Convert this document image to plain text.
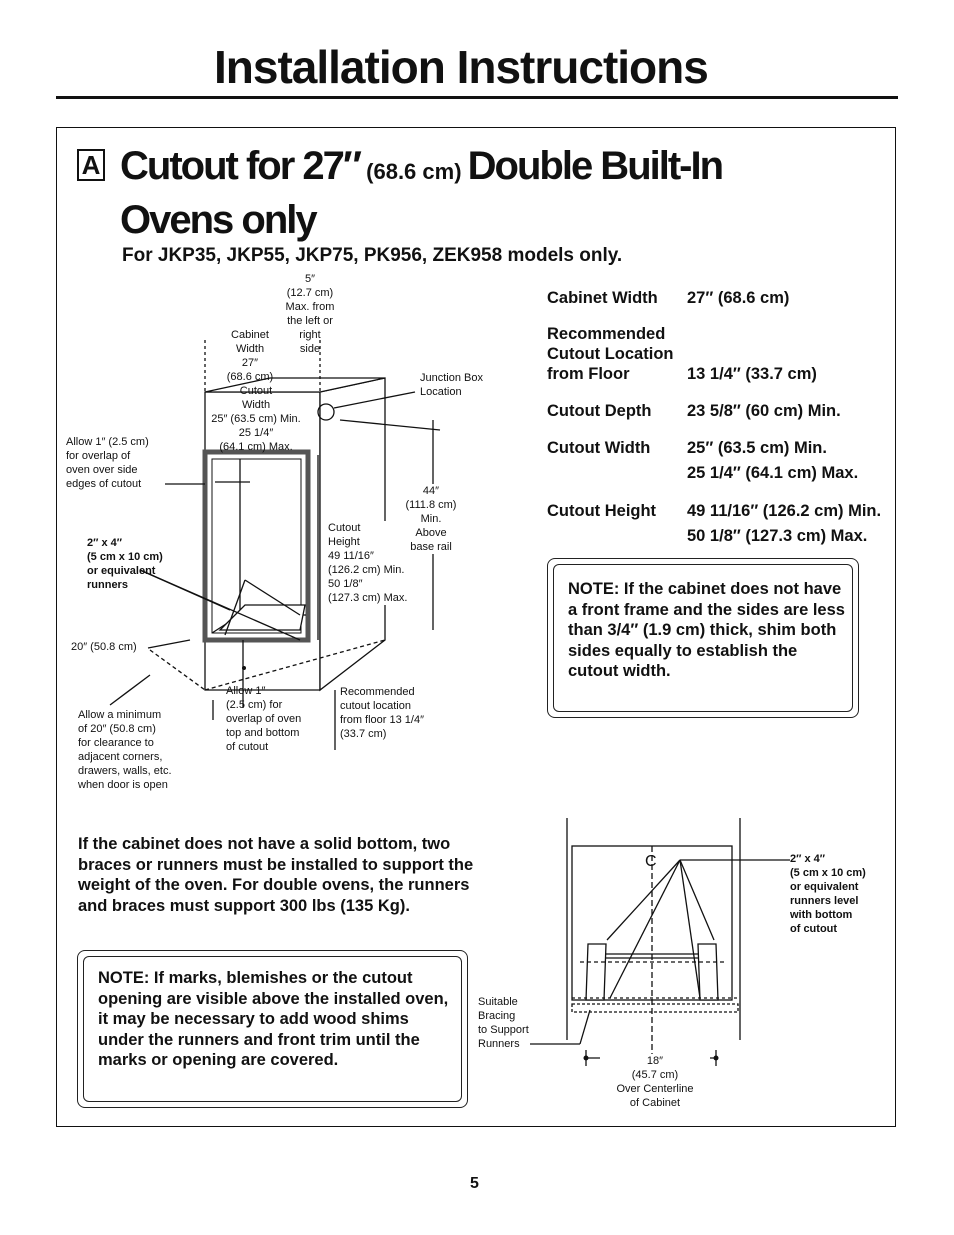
Installation Instructions
A Cutout for 27″ (68.6 cm) Double Built-In Ovens only
For JKP35, JKP55, JKP75, PK956, ZEK958 models only.
Cabinet Width 27″ (68.6 cm)
Recommended
Cutout Location
from Floor	13 1/4″ (33.7 cm)
Cutout Depth 23 5/8″ (60 cm) Min.
Cutout Width 25″ (63.5 cm) Min.
25 1/4″ (64.1 cm) Max.
Cutout Height 49 11/16″ (126.2 cm) Min.
50 1/8″ (127.3 cm) Max.
NOTE: If the cabinet does not have a front frame and the sides are less than 3/4″ (1.9 cm) thick, shim both sides equally to establish the cutout width.
If the cabinet does not have a solid bottom, two braces or runners must be installed to support the weight of the oven. For double ovens, the runners and braces must support 300 lbs (135 Kg).
NOTE: If marks, blemishes or the cutout opening are visible above the installed oven, it may be necessary to add wood shims under the runners and front trim until the marks or opening are covered.
5″
(12.7 cm)
Max. from
the left or
right
side
Cabinet
Width
27″
(68.6 cm)
Cutout
Width
25″ (63.5 cm) Min.
25 1/4″
(64.1 cm) Max.
Junction Box
Location
Allow 1″ (2.5 cm)
for overlap of
oven over side
edges of cutout
44″
(111.8 cm)
Min.
Above
base rail
Cutout
Height
49 11/16″
(126.2 cm) Min.
50 1/8″
(127.3 cm) Max.
2″ x 4″
(5 cm x 10 cm)
or equivalent
runners
20″ (50.8 cm)
Allow 1″
(2.5 cm) for
overlap of oven
top and bottom
of cutout
Recommended
cutout location
from floor 13 1/4″
(33.7 cm)
Allow a minimum
of 20″ (50.8 cm)
for clearance to
adjacent corners,
drawers, walls, etc.
when door is open
C	2″ x 4″
(5 cm x 10 cm)
or equivalent
runners level
with bottom
of cutout
Suitable
Bracing
to Support
Runners
18″
(45.7 cm)
Over Centerline
of Cabinet
5
